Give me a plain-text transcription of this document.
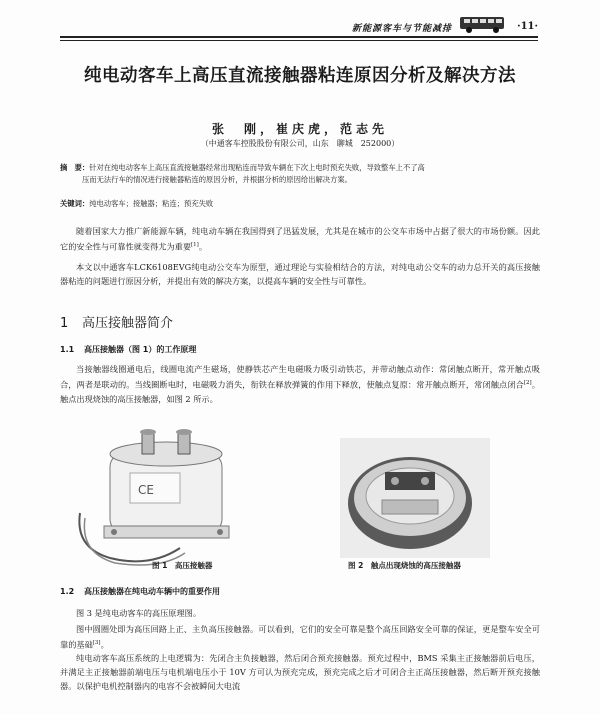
新能源客车与节能减排	·11·
纯电动客车上高压直流接触器粘连原因分析及解决方法
张　刚，崔庆虎，范志先
（中通客车控股股份有限公司，山东　聊城　252000）
摘　要：针对在纯电动客车上高压直流接触器经常出现粘连而导致车辆在下次上电时预充失败，导致整车上不了高
压而无法行车的情况进行接触器粘连的原因分析，并根据分析的原因给出解决方案。
关键词：纯电动客车；接触器；粘连；预充失败
随着国家大力推广新能源车辆，纯电动车辆在我国得到了迅猛发展，尤其是在城市的公交车市场中占据了很大的市场份额。因此它的安全性与可靠性就变得尤为重要[1]。
本文以中通客车LCK6108EVG纯电动公交车为原型，通过理论与实验相结合的方法，对纯电动公交车的动力总开关的高压接触器粘连的问题进行原因分析，并提出有效的解决方案，以提高车辆的安全性与可靠性。
1 高压接触器简介
1.1 高压接触器（图 1）的工作原理
当接触器线圈通电后，线圈电流产生磁场，使静铁芯产生电磁吸力吸引动铁芯，并带动触点动作：常闭触点断开，常开触点吸合，两者是联动的。当线圈断电时，电磁吸力消失，衔铁在释放弹簧的作用下释放，使触点复原：常开触点断开，常闭触点闭合[2]。触点出现烧蚀的高压接触器，如图 2 所示。
CE
图 1　高压接触器	图 2　触点出现烧蚀的高压接触器
1.2 高压接触器在纯电动车辆中的重要作用
图 3 是纯电动客车的高压原理图。
图中圆圈处即为高压回路上正、主负高压接触器。可以看到，它们的安全可靠是整个高压回路安全可靠的保证，更是整车安全可靠的基础[3]。
纯电动客车高压系统的上电逻辑为：先闭合主负接触器，然后闭合预充接触器。预充过程中，BMS 采集主正接触器前后电压，并满足主正接触器前端电压与电机端电压小于 10V 方可认为预充完成，预充完成之后才可闭合主正高压接触器，然后断开预充接触器。以保护电机控制器内的电容不会被瞬间大电流
